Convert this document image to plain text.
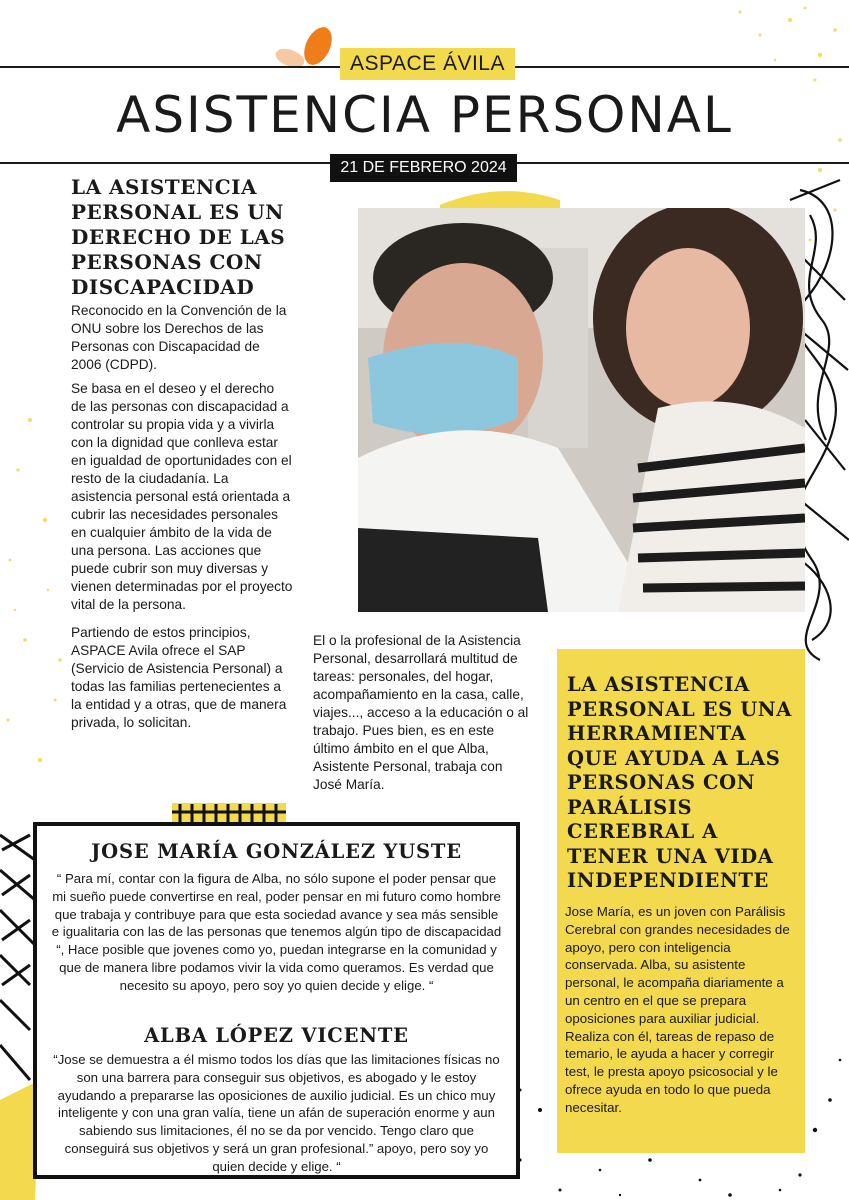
ASPACE ÁVILA
ASISTENCIA PERSONAL
21 DE FEBRERO 2024
LA ASISTENCIA PERSONAL ES UN DERECHO DE LAS PERSONAS CON DISCAPACIDAD

Reconocido en la Convención de la ONU sobre los Derechos de las Personas con Discapacidad de 2006 (CDPD).

Se basa en el deseo y el derecho de las personas con discapacidad a controlar su propia vida y a vivirla con la dignidad que conlleva estar en igualdad de oportunidades con el resto de la ciudadanía. La asistencia personal está orientada a cubrir las necesidades personales en cualquier ámbito de la vida de una persona. Las acciones que puede cubrir son muy diversas y vienen determinadas por el proyecto vital de la persona.

Partiendo de estos principios, ASPACE Avila ofrece el SAP (Servicio de Asistencia Personal) a todas las familias pertenecientes a la entidad y a otras, que de manera privada, lo solicitan.

El o la profesional de la Asistencia Personal, desarrollará multitud de tareas: personales, del hogar, acompañamiento en la casa, calle, viajes..., acceso a la educación o al trabajo. Pues bien, es en este último ámbito en el que Alba, Asistente Personal, trabaja con José María.
LA ASISTENCIA PERSONAL ES UNA HERRAMIENTA QUE AYUDA A LAS PERSONAS CON PARÁLISIS CEREBRAL A TENER UNA VIDA INDEPENDIENTE
Jose María, es un joven con Parálisis Cerebral con grandes necesidades de apoyo, pero con inteligencia conservada. Alba, su asistente personal, le acompaña diariamente a un centro en el que se prepara oposiciones para auxiliar judicial. Realiza con él, tareas de repaso de temario, le ayuda a hacer y corregir test, le presta apoyo psicosocial y le ofrece ayuda en todo lo que pueda necesitar.
JOSE MARÍA GONZÁLEZ YUSTE
“ Para mí, contar con la figura de Alba, no sólo supone el poder pensar que mi sueño puede convertirse en real, poder pensar en mi futuro como hombre que trabaja y contribuye para que esta sociedad avance y sea más sensible e igualitaria con las de las personas que tenemos algún tipo de discapacidad “, Hace posible que jovenes como yo, puedan integrarse en la comunidad y que de manera libre podamos vivir la vida como queramos. Es verdad que necesito su apoyo, pero soy yo quien decide y elige. “
ALBA LÓPEZ VICENTE
“Jose se demuestra a él mismo todos los días que las limitaciones físicas no son una barrera para conseguir sus objetivos, es abogado y le estoy ayudando a prepararse las oposiciones de auxilio judicial. Es un chico muy inteligente y con una gran valía, tiene un afán de superación enorme y aun sabiendo sus limitaciones, él no se da por vencido. Tengo claro que conseguirá sus objetivos y será un gran profesional.” apoyo, pero soy yo quien decide y elige. “
